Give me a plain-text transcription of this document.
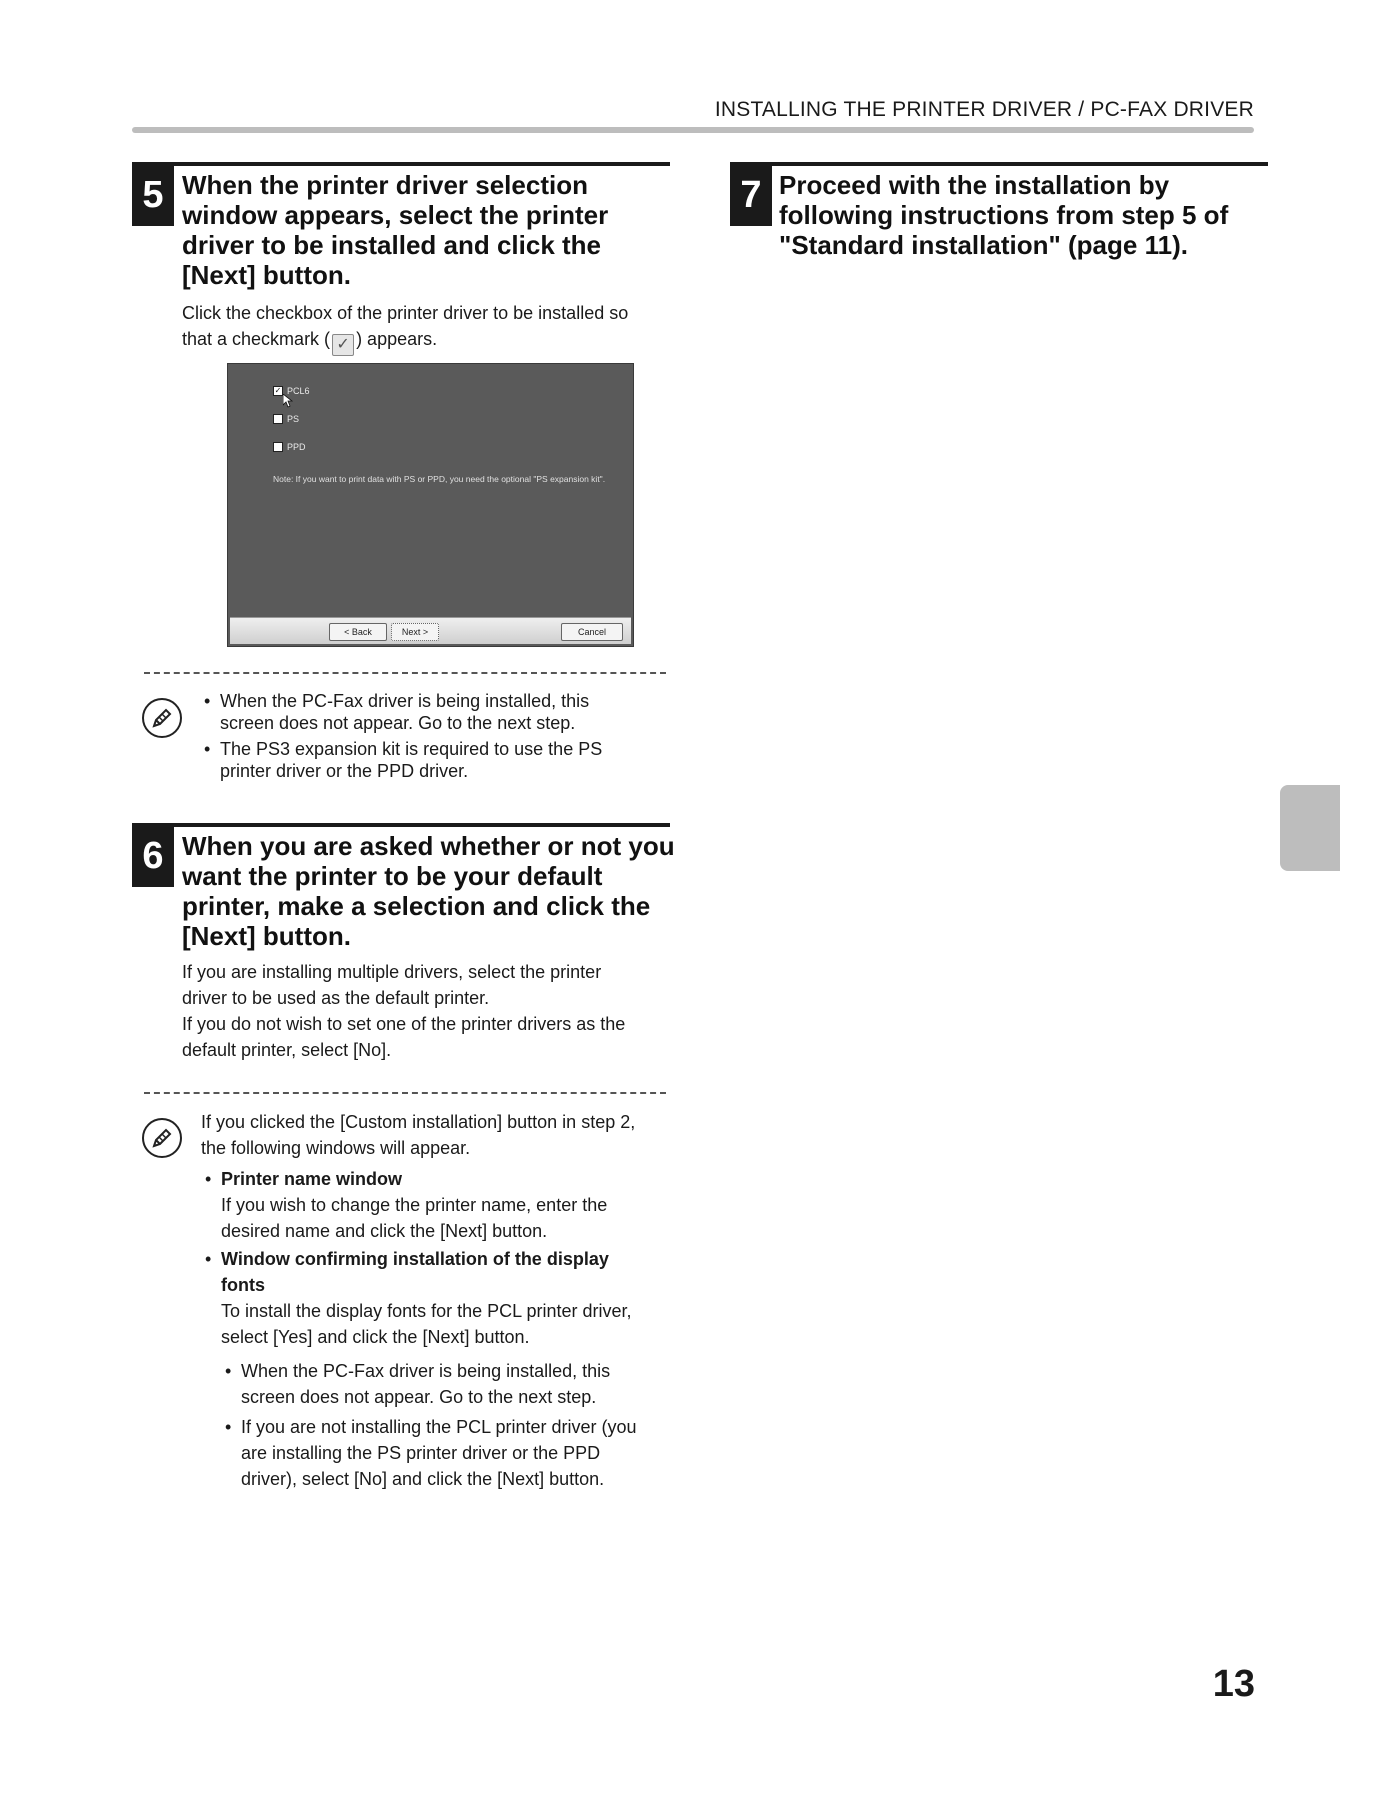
INSTALLING THE PRINTER DRIVER / PC-FAX DRIVER
5 When the printer driver selection
window appears, select the printer
driver to be installed and click the
[Next] button.
Click the checkbox of the printer driver to be installed so
that a checkmark ( ✓ ) appears.
✓ PCL6
PS
PPD
Note: If you want to print data with PS or PPD, you need the optional "PS expansion kit".
< Back	Next >	Cancel
• When the PC-Fax driver is being installed, this
screen does not appear. Go to the next step.
• The PS3 expansion kit is required to use the PS
printer driver or the PPD driver.
6 When you are asked whether or not you
want the printer to be your default
printer, make a selection and click the
[Next] button.
If you are installing multiple drivers, select the printer
driver to be used as the default printer.
If you do not wish to set one of the printer drivers as the
default printer, select [No].
If you clicked the [Custom installation] button in step 2,
the following windows will appear.
• Printer name window
If you wish to change the printer name, enter the
desired name and click the [Next] button.
• Window confirming installation of the display
fonts
To install the display fonts for the PCL printer driver,
select [Yes] and click the [Next] button.
• When the PC-Fax driver is being installed, this
screen does not appear. Go to the next step.
• If you are not installing the PCL printer driver (you
are installing the PS printer driver or the PPD
driver), select [No] and click the [Next] button.
7 Proceed with the installation by
following instructions from step 5 of
"Standard installation" (page 11).
13
